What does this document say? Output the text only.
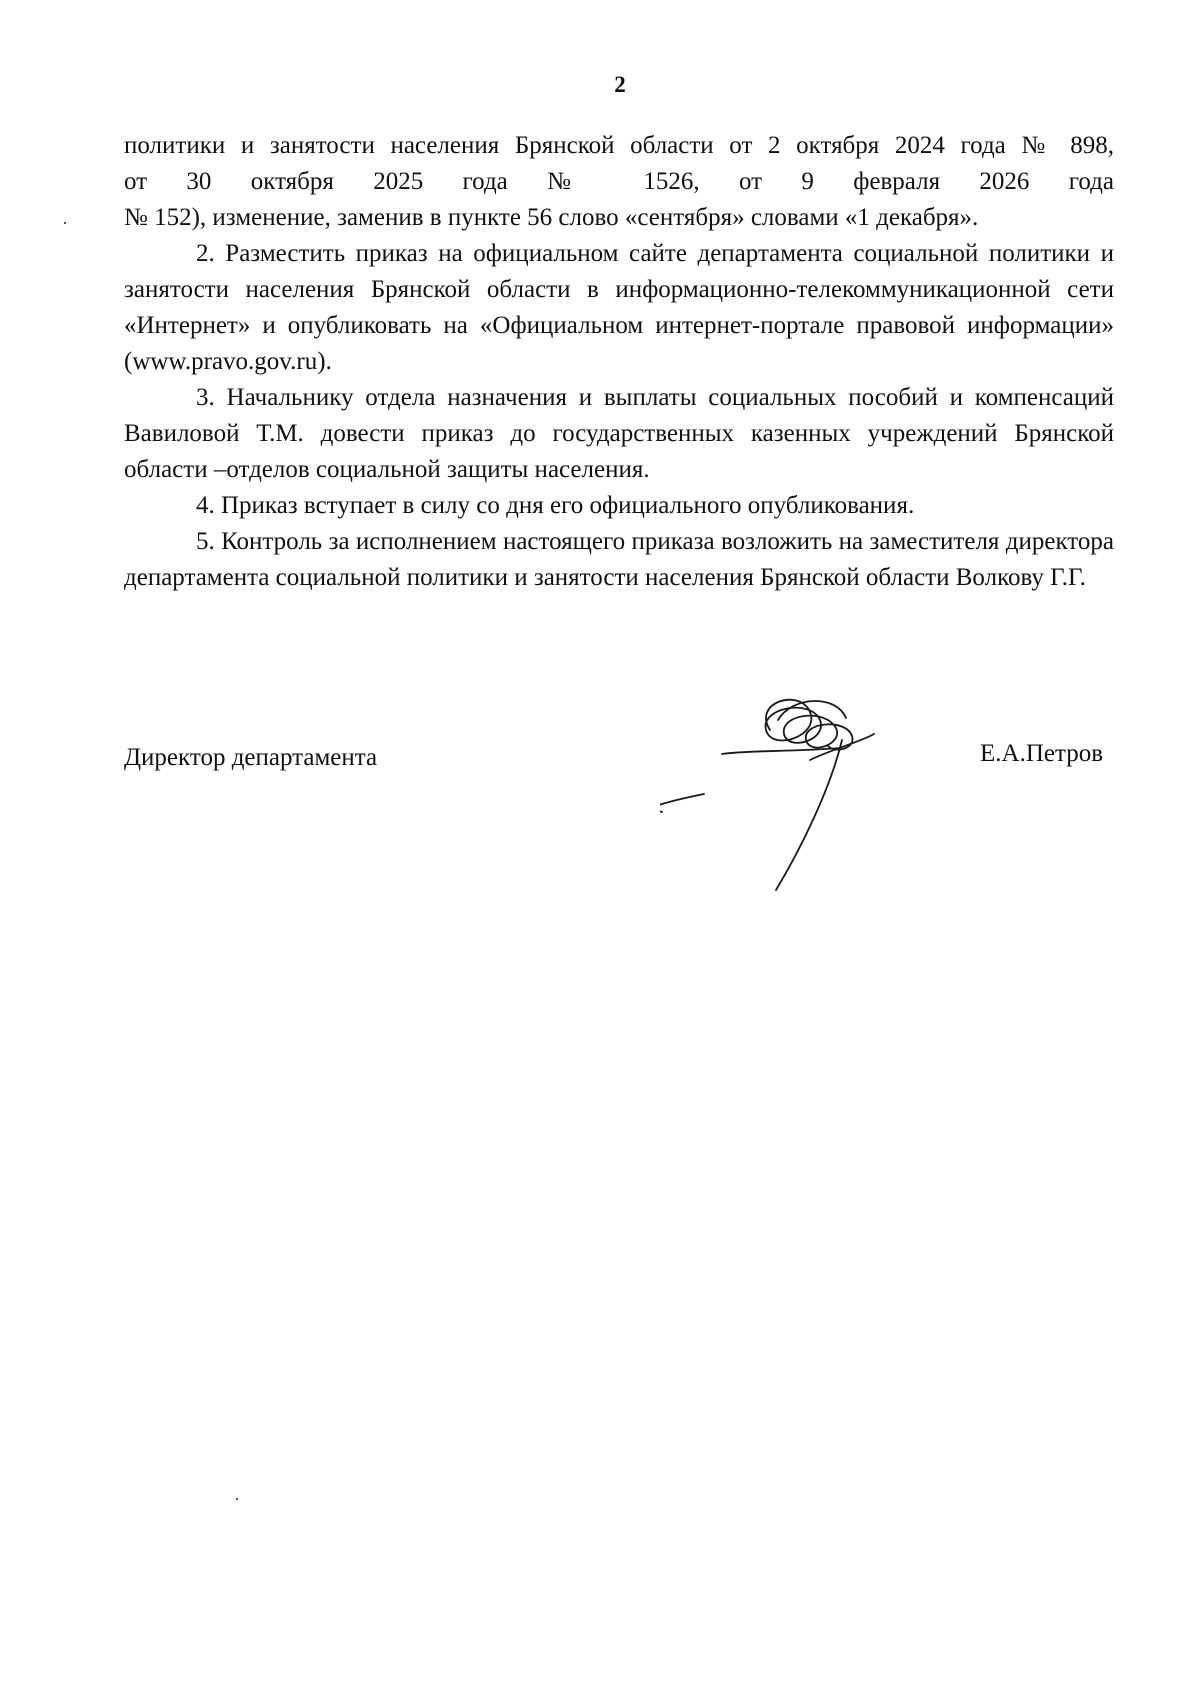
2

политики и занятости населения Брянской области от 2 октября 2024 года № 898,
от 30 октября 2025 года № 1526, от 9 февраля 2026 года
№ 152), изменение, заменив в пункте 56 слово «сентября» словами «1 декабря».

2. Разместить приказ на официальном сайте департамента социальной политики и занятости населения Брянской области в информационно-телекоммуникационной сети «Интернет» и опубликовать на «Официальном интернет-портале правовой информации» (www.pravo.gov.ru).

3. Начальнику отдела назначения и выплаты социальных пособий и компенсаций Вавиловой Т.М. довести приказ до государственных казенных учреждений Брянской области –отделов социальной защиты населения.

4. Приказ вступает в силу со дня его официального опубликования.

5. Контроль за исполнением настоящего приказа возложить на заместителя директора департамента социальной политики и занятости населения Брянской области Волкову Г.Г.

Директор департамента	Е.А.Петров
